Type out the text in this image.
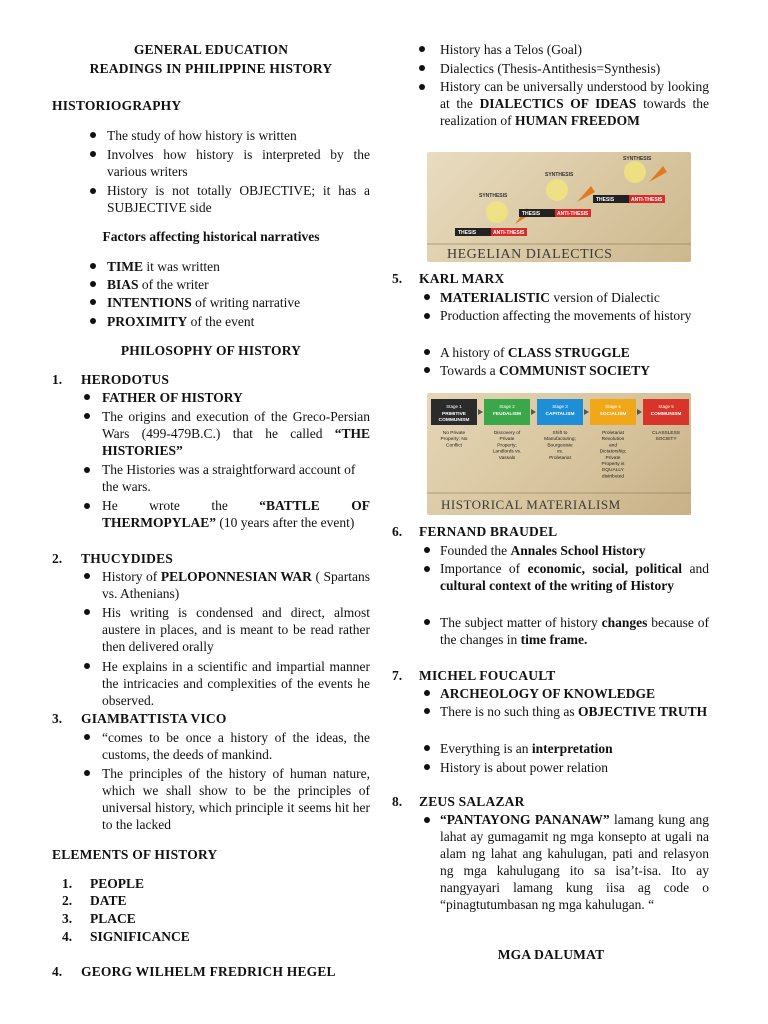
GENERAL EDUCATION
READINGS IN PHILIPPINE HISTORY
HISTORIOGRAPHY
The study of how history is written
Involves how history is interpreted by the various writers
History is not totally OBJECTIVE; it has a SUBJECTIVE side
Factors affecting historical narratives
TIME it was written
BIAS of the writer
INTENTIONS of writing narrative
PROXIMITY of the event
PHILOSOPHY OF HISTORY
1. HERODOTUS
FATHER OF HISTORY
The origins and execution of the Greco-Persian Wars (499-479B.C.) that he called “THE HISTORIES”
The Histories was a straightforward account of the wars.
He wrote the “BATTLE OF THERMOPYLAE” (10 years after the event)
2. THUCYDIDES
History of PELOPONNESIAN WAR ( Spartans vs. Athenians)
His writing is condensed and direct, almost austere in places, and is meant to be read rather then delivered orally
He explains in a scientific and impartial manner the intricacies and complexities of the events he observed.
3. GIAMBATTISTA VICO
“comes to be once a history of the ideas, the customs, the deeds of mankind.
The principles of the history of human nature, which we shall show to be the principles of universal history, which principle it seems hit her to the lacked
ELEMENTS OF HISTORY
1. PEOPLE
2. DATE
3. PLACE
4. SIGNIFICANCE
4. GEORG WILHELM FREDRICH HEGEL
History has a Telos (Goal)
Dialectics (Thesis-Antithesis=Synthesis)
History can be universally understood by looking at the DIALECTICS OF IDEAS towards the realization of HUMAN FREEDOM
THESIS	ANTI-THESIS
THESIS	ANTI-THESIS
THESIS	ANTI-THESIS
SYNTHESIS
SYNTHESIS
SYNTHESIS
HEGELIAN DIALECTICS
5. KARL MARX
MATERIALISTIC version of Dialectic
Production affecting the movements of history
A history of CLASS STRUGGLE
Towards a COMMUNIST SOCIETY
Stage 1
PRIMITIVE
COMMUNISM
No Private
Property; No
Conflict
Stage 2
FEUDALISM
Discovery of
Private
Property;
Landlords vs.
Vassals
Stage 3
CAPITALISM
Shift to
Manufacturing;
Bourgeoisie
vs.
Proletariat
Stage 4
SOCIALISM
Proletariat
Revolution
and
Dictatorship;
Private
Property is
EQUALLY
distributed
Stage 5
COMMUNISM
CLASSLESS
SOCIETY
HISTORICAL MATERIALISM
6. FERNAND BRAUDEL
Founded the Annales School History
Importance of economic, social, political and cultural context of the writing of History
The subject matter of history changes because of the changes in time frame.
7. MICHEL FOUCAULT
ARCHEOLOGY OF KNOWLEDGE
There is no such thing as OBJECTIVE TRUTH
Everything is an interpretation
History is about power relation
8. ZEUS SALAZAR
“PANTAYONG PANANAW” lamang kung ang lahat ay gumagamit ng mga konsepto at ugali na alam ng lahat ang kahulugan, pati and relasyon ng mga kahulugang ito sa isa’t-isa. Ito ay nangyayari lamang kung iisa ag code o “pinagtutumbasan ng mga kahulugan. “
MGA DALUMAT
